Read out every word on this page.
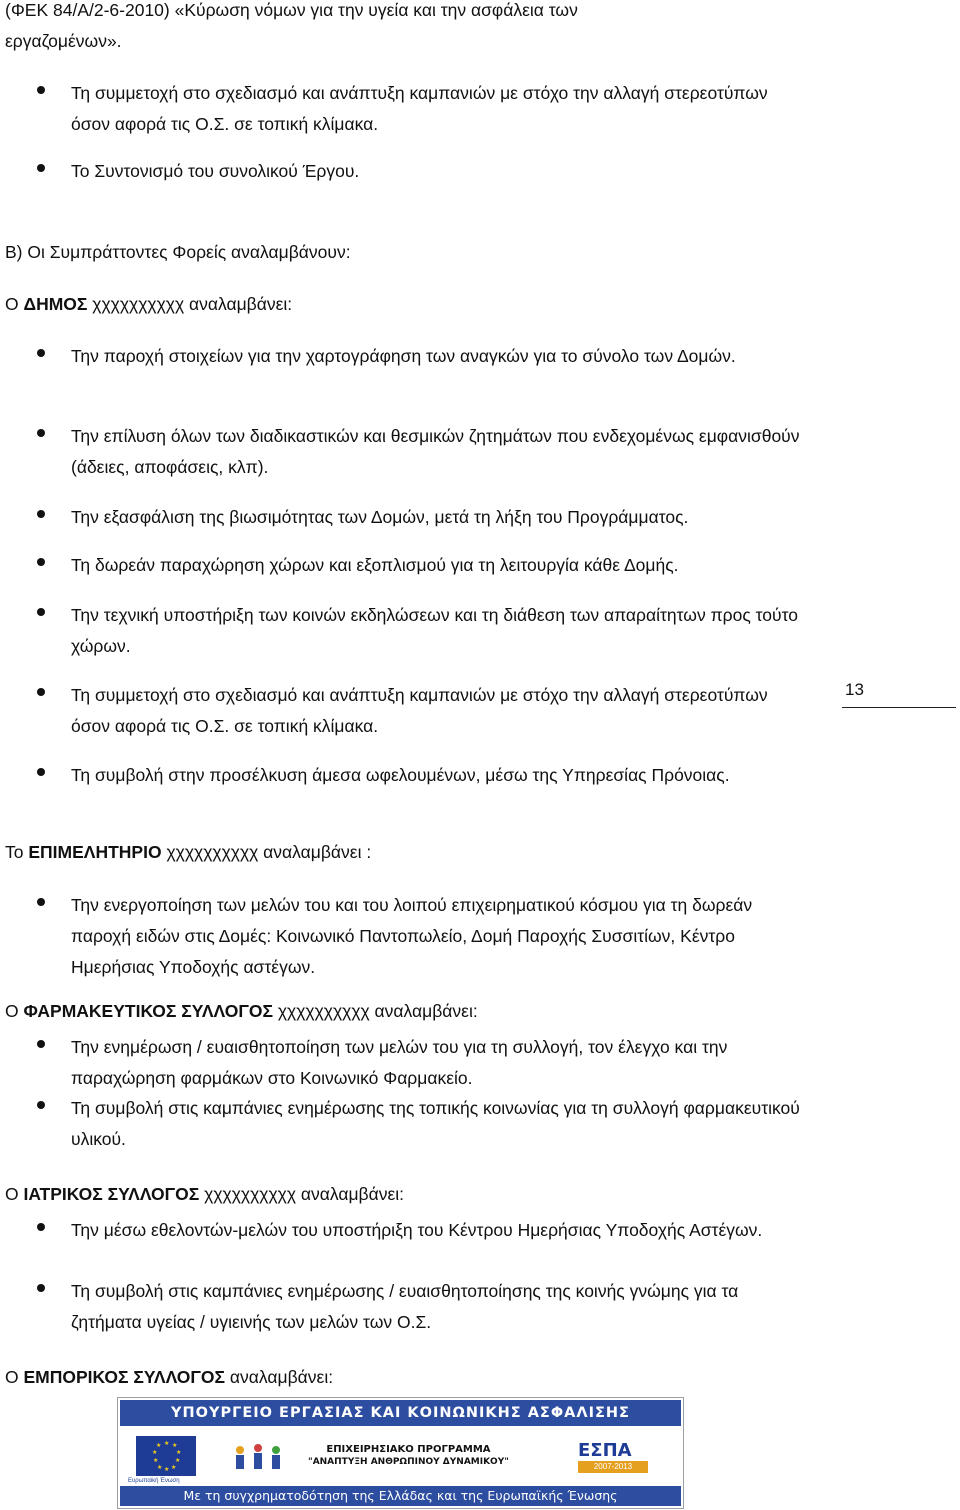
(ΦΕΚ 84/Α/2-6-2010) «Κύρωση νόμων για την υγεία και την ασφάλεια των
εργαζομένων».
Τη συμμετοχή στο σχεδιασμό και ανάπτυξη καμπανιών με στόχο την αλλαγή στερεοτύπων όσον αφορά τις Ο.Σ. σε τοπική κλίμακα.
Το Συντονισμό του συνολικού Έργου.
Β) Οι Συμπράττοντες Φορείς αναλαμβάνουν:
Ο ΔΗΜΟΣ χχχχχχχχχχ αναλαμβάνει:
Την παροχή στοιχείων για την χαρτογράφηση των αναγκών για το σύνολο των Δομών.
Την επίλυση όλων των διαδικαστικών και θεσμικών ζητημάτων που ενδεχομένως εμφανισθούν (άδειες, αποφάσεις, κλπ).
Την εξασφάλιση της βιωσιμότητας των Δομών, μετά τη λήξη του Προγράμματος.
Τη δωρεάν παραχώρηση χώρων και εξοπλισμού για τη λειτουργία κάθε Δομής.
Την τεχνική υποστήριξη των κοινών εκδηλώσεων και τη διάθεση των απαραίτητων προς τούτο χώρων.
Τη συμμετοχή στο σχεδιασμό και ανάπτυξη καμπανιών με στόχο την αλλαγή στερεοτύπων όσον αφορά τις Ο.Σ. σε τοπική κλίμακα.
Τη συμβολή στην προσέλκυση άμεσα ωφελουμένων, μέσω της Υπηρεσίας Πρόνοιας.
13
Το ΕΠΙΜΕΛΗΤΗΡΙΟ χχχχχχχχχχ αναλαμβάνει :
Την ενεργοποίηση των μελών του και του λοιπού επιχειρηματικού κόσμου για τη δωρεάν παροχή ειδών στις Δομές: Κοινωνικό Παντοπωλείο, Δομή Παροχής Συσσιτίων, Κέντρο Ημερήσιας Υποδοχής αστέγων.
Ο ΦΑΡΜΑΚΕΥΤΙΚΟΣ ΣΥΛΛΟΓΟΣ χχχχχχχχχχ αναλαμβάνει:
Την ενημέρωση / ευαισθητοποίηση των μελών του για τη συλλογή, τον έλεγχο και την παραχώρηση φαρμάκων στο Κοινωνικό Φαρμακείο.
Τη συμβολή στις καμπάνιες ενημέρωσης της τοπικής κοινωνίας για τη συλλογή φαρμακευτικού υλικού.
Ο ΙΑΤΡΙΚΟΣ ΣΥΛΛΟΓΟΣ χχχχχχχχχχ αναλαμβάνει:
Την μέσω εθελοντών-μελών του υποστήριξη του Κέντρου Ημερήσιας Υποδοχής Αστέγων.
Τη συμβολή στις καμπάνιες ενημέρωσης / ευαισθητοποίησης της κοινής γνώμης για τα ζητήματα υγείας / υγιεινής των μελών των Ο.Σ.
Ο ΕΜΠΟΡΙΚΟΣ ΣΥΛΛΟΓΟΣ αναλαμβάνει:
ΥΠΟΥΡΓΕΙΟ ΕΡΓΑΣΙΑΣ ΚΑΙ ΚΟΙΝΩΝΙΚΗΣ ΑΣΦΑΛΙΣΗΣ
★ ★
★
★
★
★
★
★
★
★
Ευρωπαϊκή Ένωση
ΕΠΙΧΕΙΡΗΣΙΑΚΟ ΠΡΟΓΡΑΜΜΑ
"ΑΝΑΠΤΥΞΗ ΑΝΘΡΩΠΙΝΟΥ ΔΥΝΑΜΙΚΟΥ"
ΕΣΠΑ
2007-2013
Με τη συγχρηματοδότηση της Ελλάδας και της Ευρωπαϊκής Ένωσης
